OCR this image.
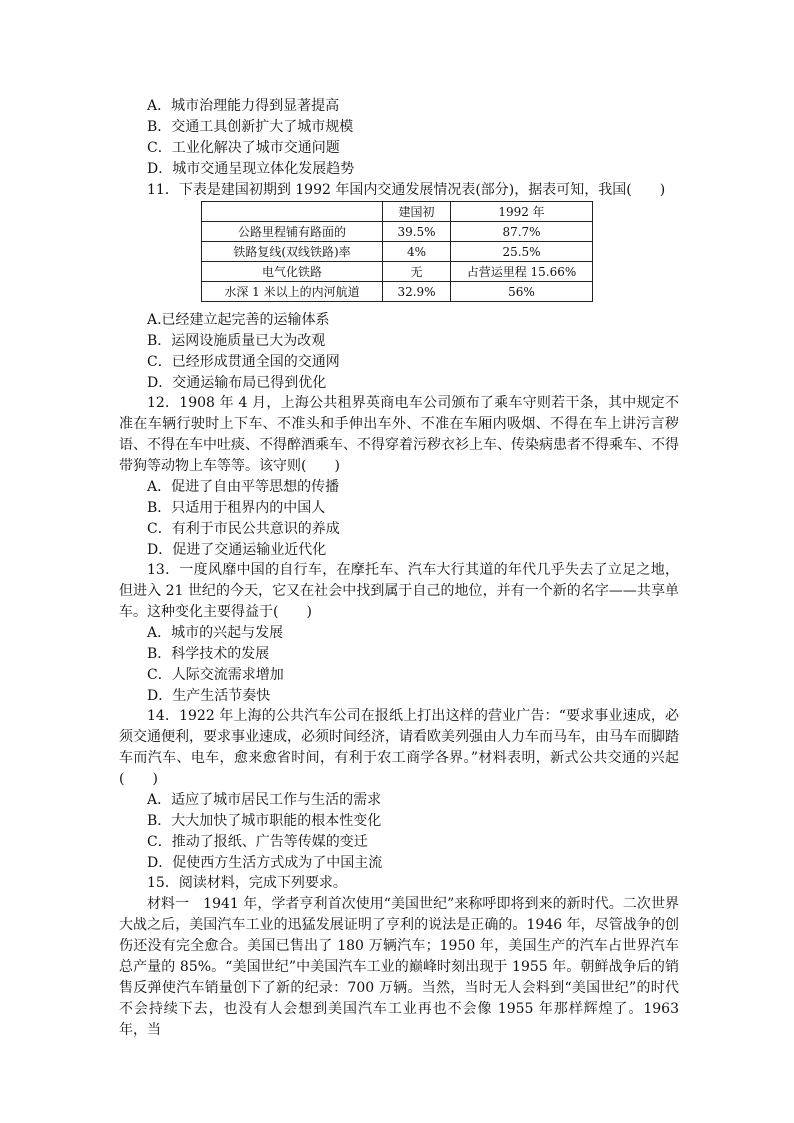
A．城市治理能力得到显著提高
B．交通工具创新扩大了城市规模
C．工业化解决了城市交通问题
D．城市交通呈现立体化发展趋势
11．下表是建国初期到 1992 年国内交通发展情况表(部分)，据表可知，我国(　　)
	建国初	1992 年
公路里程铺有路面的	39.5%	87.7%
铁路复线(双线铁路)率	4%	25.5%
电气化铁路	无	占营运里程 15.66%
水深 1 米以上的内河航道	32.9%	56%
A.已经建立起完善的运输体系
B．运网设施质量已大为改观
C．已经形成贯通全国的交通网
D．交通运输布局已得到优化
12．1908 年 4 月，上海公共租界英商电车公司颁布了乘车守则若干条，其中规定不准在车辆行驶时上下车、不准头和手伸出车外、不准在车厢内吸烟、不得在车上讲污言秽语、不得在车中吐痰、不得醉酒乘车、不得穿着污秽衣衫上车、传染病患者不得乘车、不得带狗等动物上车等等。该守则(　　)
A．促进了自由平等思想的传播
B．只适用于租界内的中国人
C．有利于市民公共意识的养成
D．促进了交通运输业近代化
13．一度风靡中国的自行车，在摩托车、汽车大行其道的年代几乎失去了立足之地，但进入 21 世纪的今天，它又在社会中找到属于自己的地位，并有一个新的名字——共享单车。这种变化主要得益于(　　)
A．城市的兴起与发展
B．科学技术的发展
C．人际交流需求增加
D．生产生活节奏快
14．1922 年上海的公共汽车公司在报纸上打出这样的营业广告：“要求事业速成，必须交通便利，要求事业速成，必须时间经济，请看欧美列强由人力车而马车，由马车而脚踏车而汽车、电车，愈来愈省时间，有利于农工商学各界。”材料表明，新式公共交通的兴起(　　)
A．适应了城市居民工作与生活的需求
B．大大加快了城市职能的根本性变化
C．推动了报纸、广告等传媒的变迁
D．促使西方生活方式成为了中国主流
15．阅读材料，完成下列要求。
材料一　1941 年，学者亨利首次使用“美国世纪”来称呼即将到来的新时代。二次世界大战之后，美国汽车工业的迅猛发展证明了亨利的说法是正确的。1946 年，尽管战争的创伤还没有完全愈合。美国已售出了 180 万辆汽车；1950 年，美国生产的汽车占世界汽车总产量的 85%。“美国世纪”中美国汽车工业的巅峰时刻出现于 1955 年。朝鲜战争后的销售反弹使汽车销量创下了新的纪录：700 万辆。当然，当时无人会料到“美国世纪”的时代不会持续下去，也没有人会想到美国汽车工业再也不会像 1955 年那样辉煌了。1963 年，当
